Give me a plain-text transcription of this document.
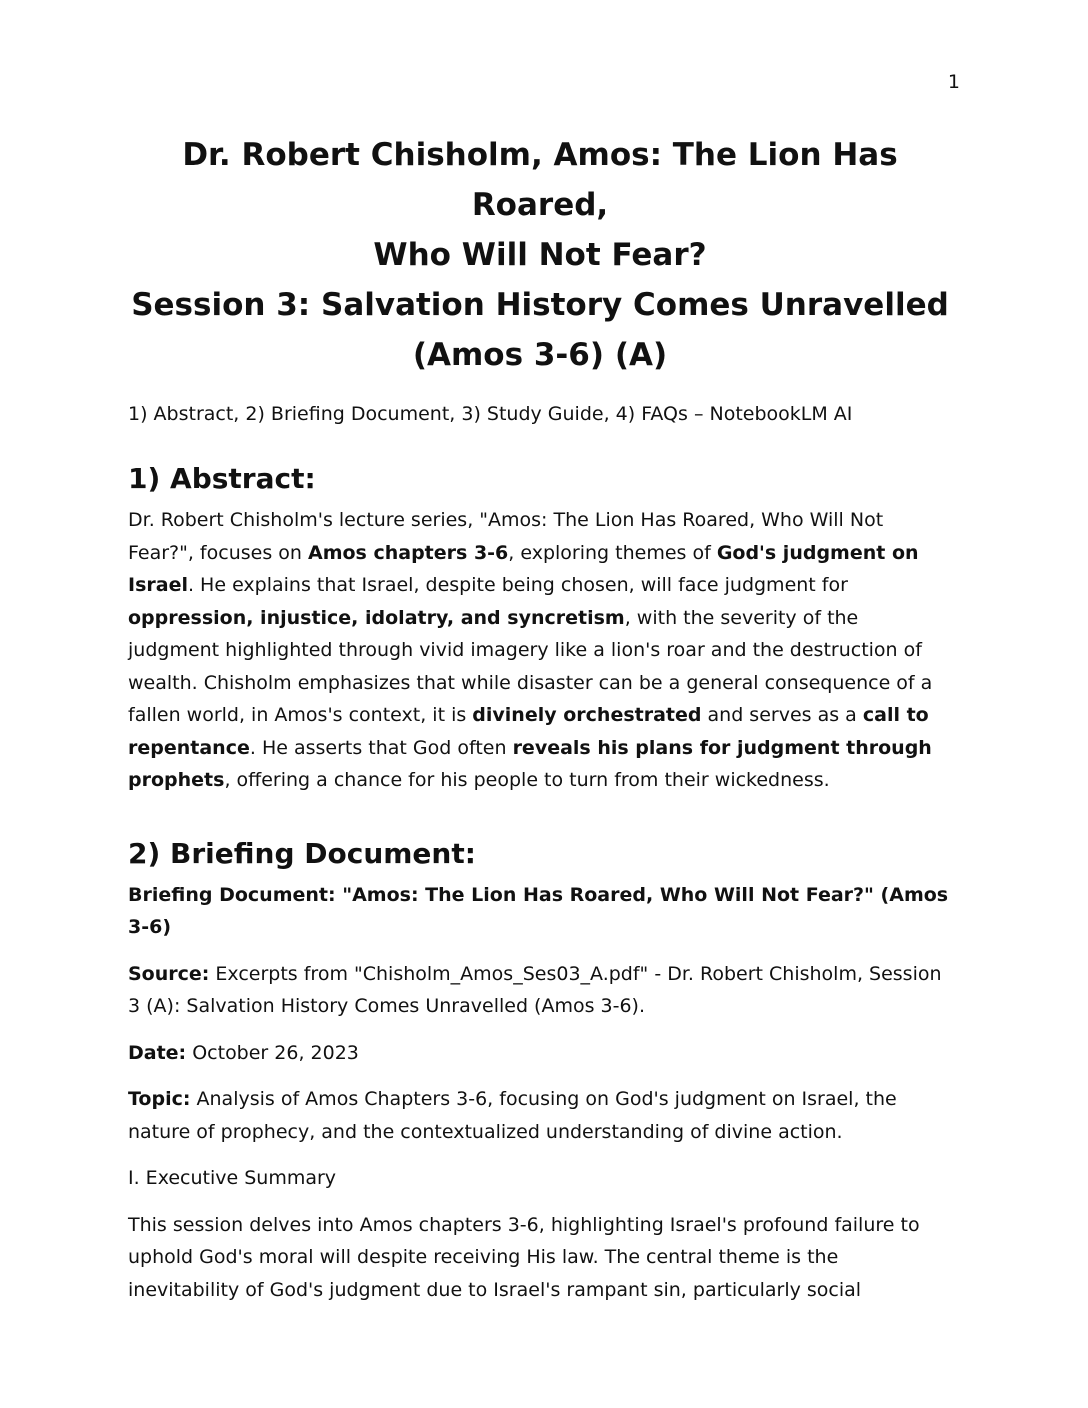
1

Dr. Robert Chisholm, Amos: The Lion Has Roared,
Who Will Not Fear?
Session 3: Salvation History Comes Unravelled
(Amos 3-6) (A)

1) Abstract, 2) Briefing Document, 3) Study Guide, 4) FAQs – NotebookLM AI

1) Abstract:

Dr. Robert Chisholm's lecture series, "Amos: The Lion Has Roared, Who Will Not Fear?", focuses on Amos chapters 3-6, exploring themes of God's judgment on Israel. He explains that Israel, despite being chosen, will face judgment for oppression, injustice, idolatry, and syncretism, with the severity of the judgment highlighted through vivid imagery like a lion's roar and the destruction of wealth. Chisholm emphasizes that while disaster can be a general consequence of a fallen world, in Amos's context, it is divinely orchestrated and serves as a call to repentance. He asserts that God often reveals his plans for judgment through prophets, offering a chance for his people to turn from their wickedness.

2) Briefing Document:

Briefing Document: "Amos: The Lion Has Roared, Who Will Not Fear?" (Amos 3-6)

Source: Excerpts from "Chisholm_Amos_Ses03_A.pdf" - Dr. Robert Chisholm, Session 3 (A): Salvation History Comes Unravelled (Amos 3-6).

Date: October 26, 2023

Topic: Analysis of Amos Chapters 3-6, focusing on God's judgment on Israel, the nature of prophecy, and the contextualized understanding of divine action.

I. Executive Summary

This session delves into Amos chapters 3-6, highlighting Israel's profound failure to uphold God's moral will despite receiving His law. The central theme is the inevitability of God's judgment due to Israel's rampant sin, particularly social
